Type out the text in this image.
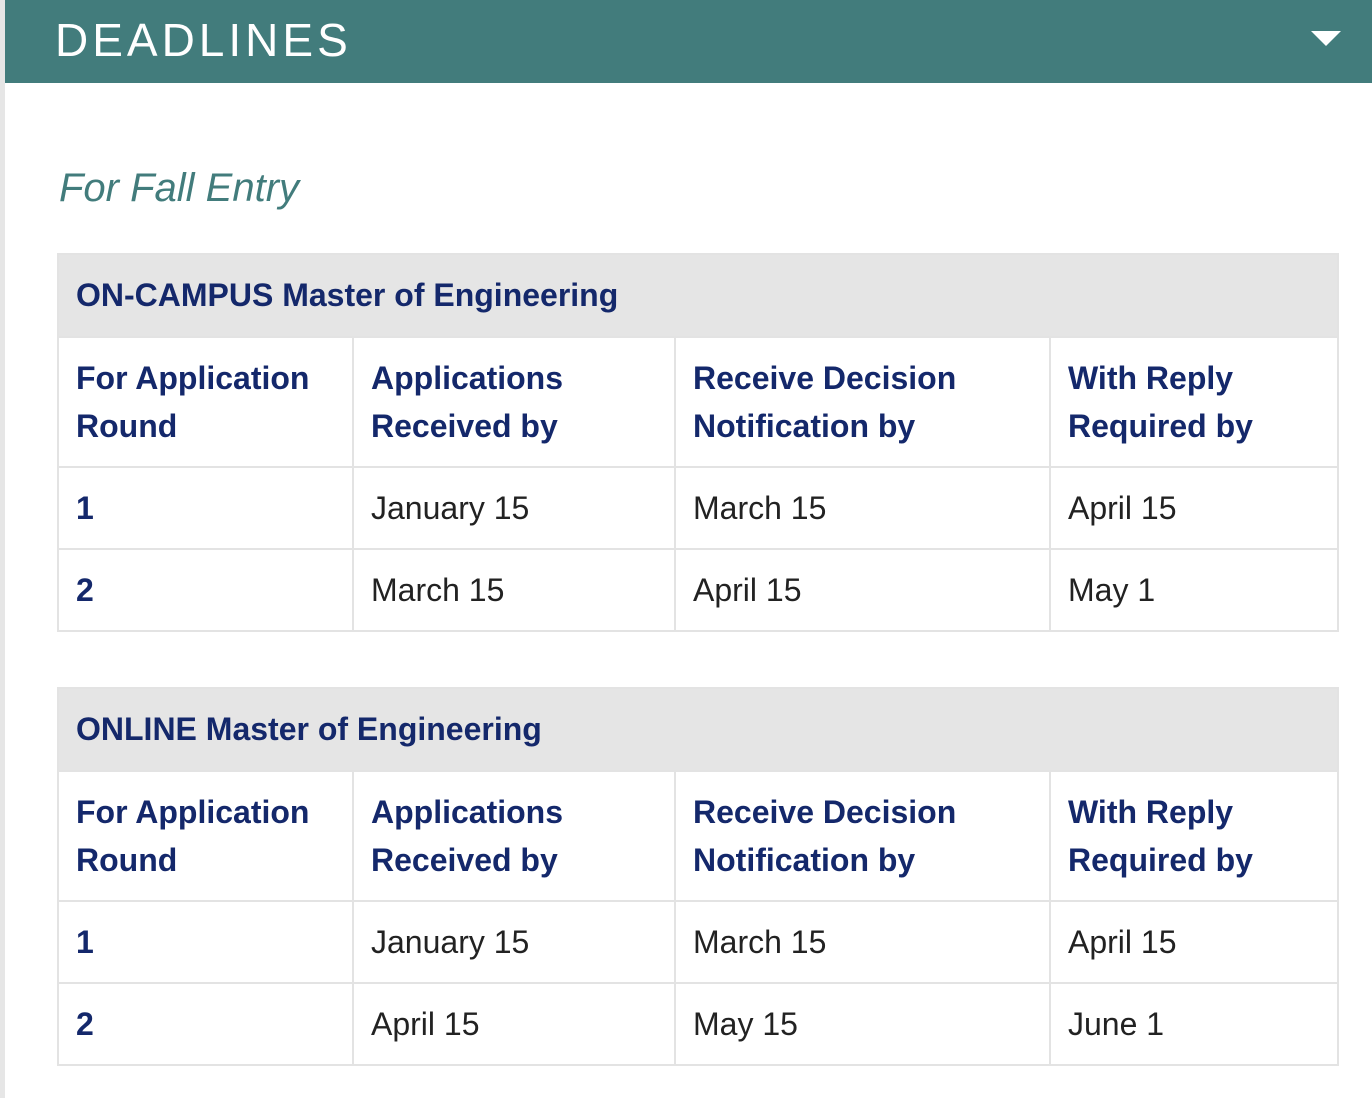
DEADLINES
For Fall Entry
ON-CAMPUS Master of Engineering			
For Application Round	Applications Received by	Receive Decision Notification by	With Reply Required by
1	January 15	March 15	April 15
2	March 15	April 15	May 1
ONLINE Master of Engineering			
For Application Round	Applications Received by	Receive Decision Notification by	With Reply Required by
1	January 15	March 15	April 15
2	April 15	May 15	June 1
